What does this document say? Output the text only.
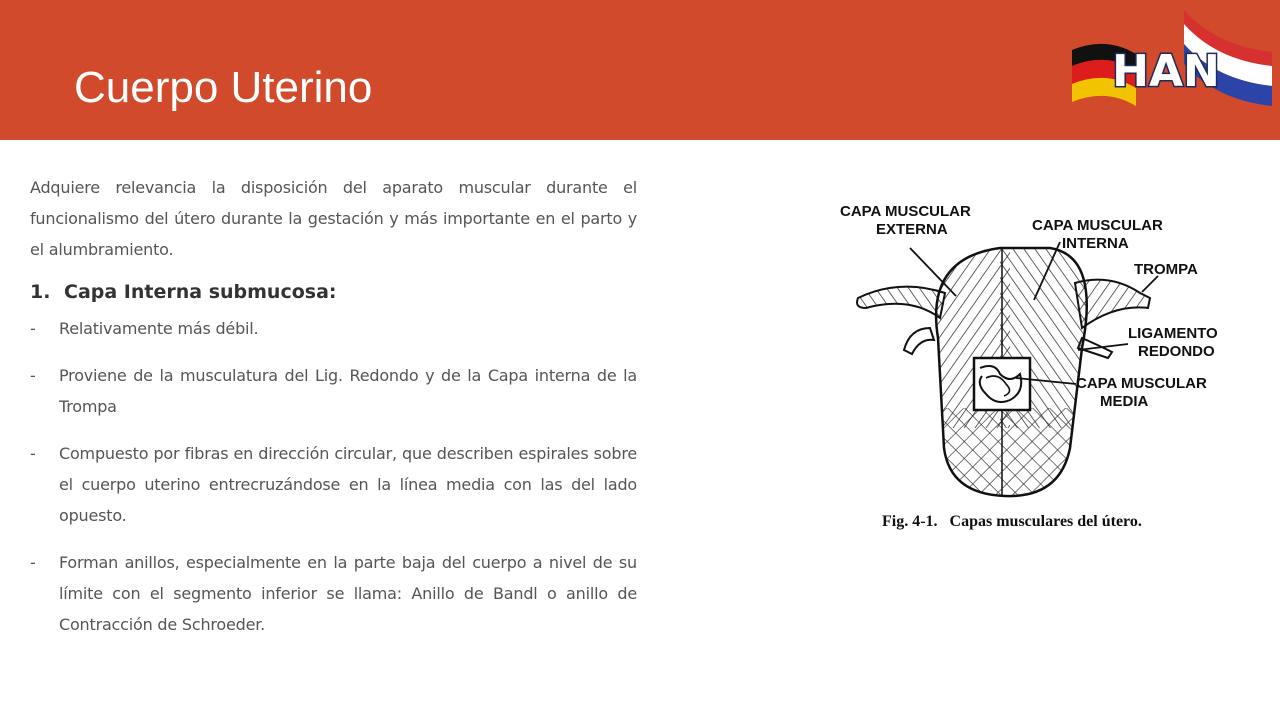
Cuerpo Uterino	HAN

Adquiere relevancia la disposición del aparato muscular durante el funcionalismo del útero durante la gestación y más importante en el parto y el alumbramiento.

1. Capa Interna submucosa:
- Relativamente más débil.
- Proviene de la musculatura del Lig. Redondo y de la Capa interna de la Trompa
- Compuesto por fibras en dirección circular, que describen espirales sobre el cuerpo uterino entrecruzándose en la línea media con las del lado opuesto.
- Forman anillos, especialmente en la parte baja del cuerpo a nivel de su límite con el segmento inferior se llama: Anillo de Bandl o anillo de Contracción de Schroeder.
CAPA MUSCULAR
EXTERNA	CAPA MUSCULAR
INTERNA
TROMPA
LIGAMENTO
REDONDO
CAPA MUSCULAR
MEDIA
Fig. 4-1.   Capas musculares del útero.
